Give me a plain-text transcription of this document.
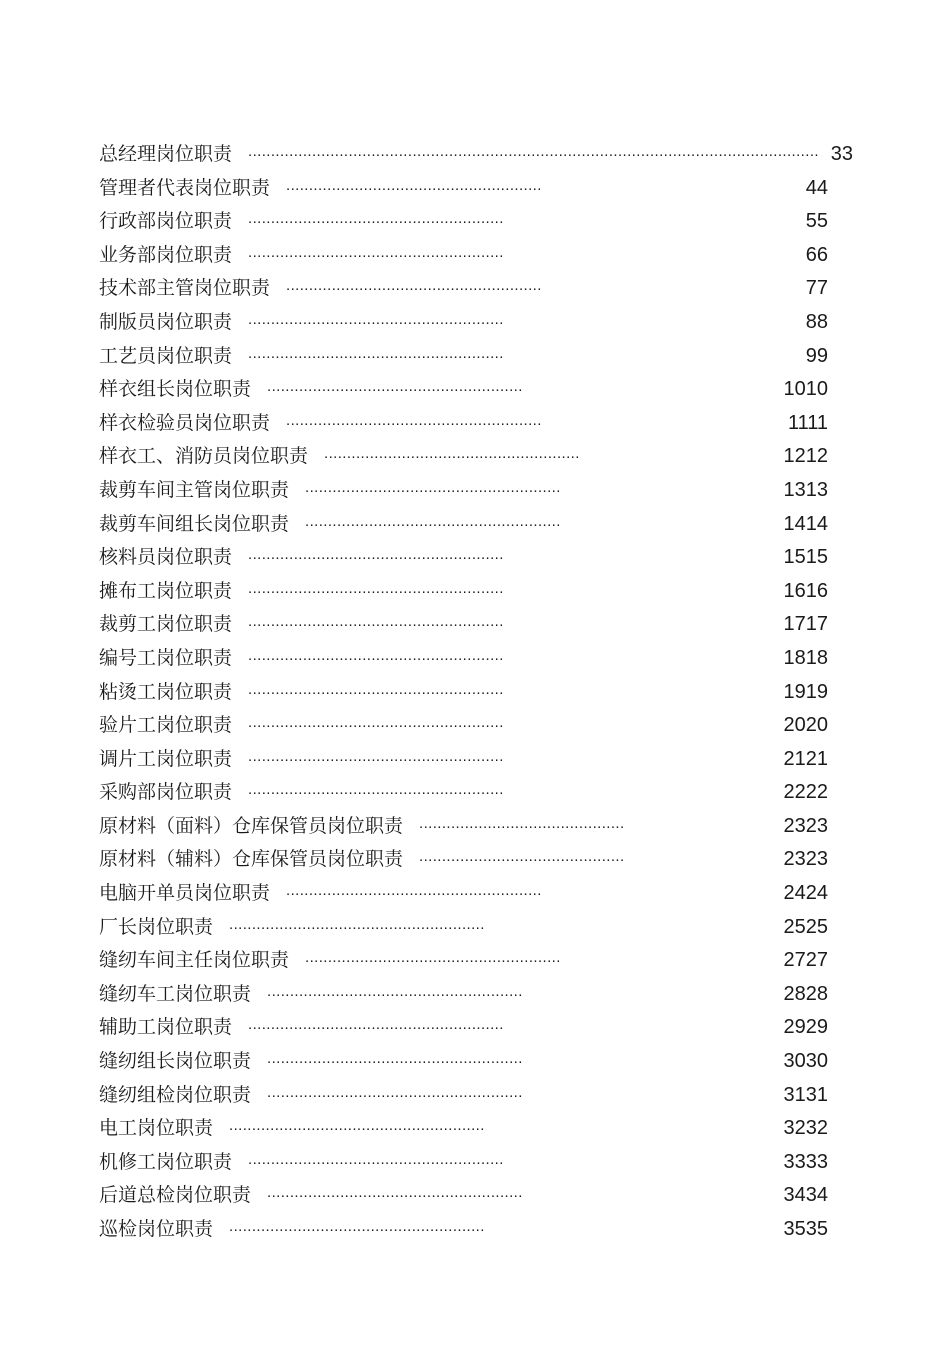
总经理岗位职责 ............................................................................................................................. 33
管理者代表岗位职责 ........................................................	44
行政部岗位职责 ........................................................	55
业务部岗位职责 ........................................................	66
技术部主管岗位职责 ........................................................	77
制版员岗位职责 ........................................................	88
工艺员岗位职责 ........................................................	99
样衣组长岗位职责 ........................................................	1010
样衣检验员岗位职责 ........................................................	1111
样衣工、消防员岗位职责 ........................................................	1212
裁剪车间主管岗位职责 ........................................................	1313
裁剪车间组长岗位职责 ........................................................	1414
核料员岗位职责 ........................................................	1515
摊布工岗位职责 ........................................................	1616
裁剪工岗位职责 ........................................................	1717
编号工岗位职责 ........................................................	1818
粘烫工岗位职责 ........................................................	1919
验片工岗位职责 ........................................................	2020
调片工岗位职责 ........................................................	2121
采购部岗位职责 ........................................................	2222
原材料（面料）仓库保管员岗位职责 .............................................	2323
原材料（辅料）仓库保管员岗位职责 .............................................	2323
电脑开单员岗位职责 ........................................................	2424
厂长岗位职责 ........................................................	2525
缝纫车间主任岗位职责 ........................................................	2727
缝纫车工岗位职责 ........................................................	2828
辅助工岗位职责 ........................................................	2929
缝纫组长岗位职责 ........................................................	3030
缝纫组检岗位职责 ........................................................	3131
电工岗位职责 ........................................................	3232
机修工岗位职责 ........................................................	3333
后道总检岗位职责 ........................................................	3434
巡检岗位职责 ........................................................	3535
